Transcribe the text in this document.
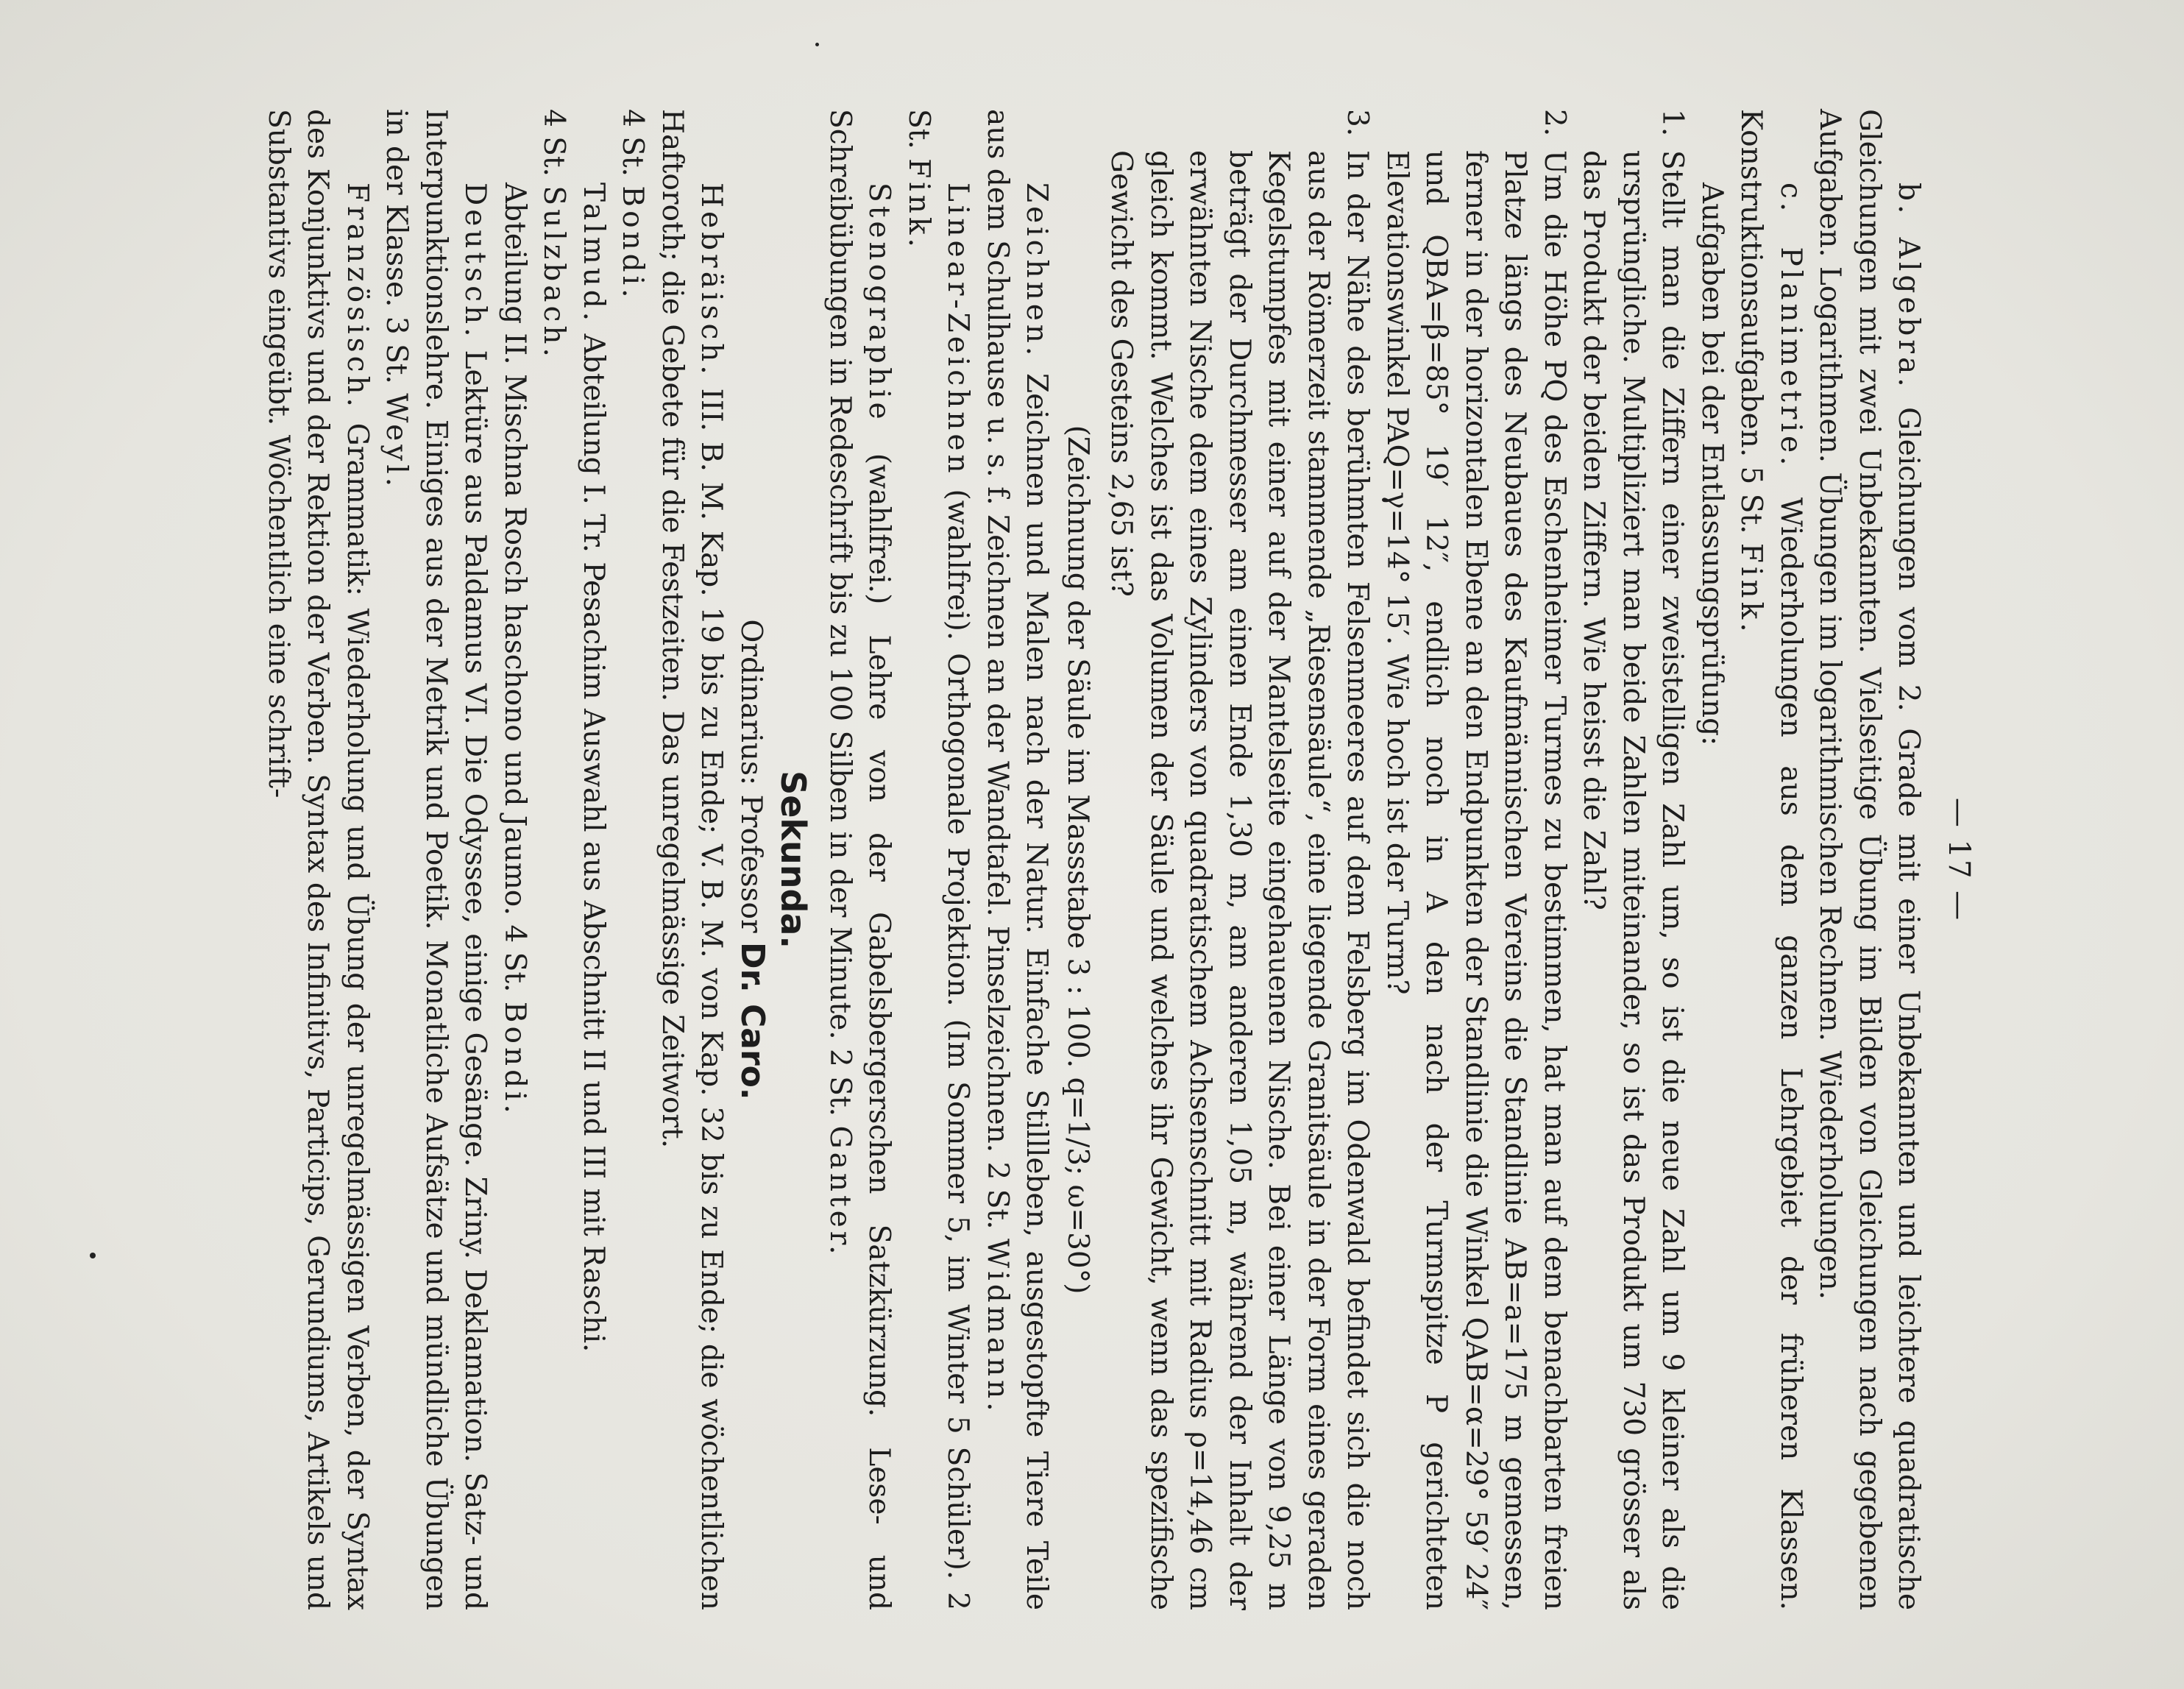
— 17 —

b. Algebra. Gleichungen vom 2. Grade mit einer Unbekannten und leichtere quadratische Gleichungen mit zwei Unbekannten. Vielseitige Übung im Bilden von Gleichungen nach gegebenen Aufgaben. Logarithmen. Übungen im logarithmischen Rechnen. Wiederholungen.

c. Planimetrie. Wiederholungen aus dem ganzen Lehrgebiet der früheren Klassen. Konstruktionsaufgaben. 5 St. Fink.

Aufgaben bei der Entlassungsprüfung:

1.
Stellt man die Ziffern einer zweistelligen Zahl um, so ist die neue Zahl um 9 kleiner als die ursprüngliche. Multipliziert man beide Zahlen miteinander, so ist das Produkt um 730 grösser als das Produkt der beiden Ziffern. Wie heisst die Zahl?
2.
Um die Höhe PQ des Eschenheimer Turmes zu bestimmen, hat man auf dem benachbarten freien Platze längs des Neubaues des Kaufmännischen Vereins die Standlinie AB=a=175 m gemessen, ferner in der horizontalen Ebene an den Endpunkten der Standlinie die Winkel QAB=α=29° 59′ 24″ und QBA=β=85° 19′ 12″, endlich noch in A den nach der Turmspitze P gerichteten Elevationswinkel PAQ=γ=14° 15′. Wie hoch ist der Turm?
3.
In der Nähe des berühmten Felsenmeeres auf dem Felsberg im Odenwald befindet sich die noch aus der Römerzeit stammende „Riesensäule“, eine liegende Granitsäule in der Form eines geraden Kegelstumpfes mit einer auf der Mantelseite eingehauenen Nische. Bei einer Länge von 9,25 m beträgt der Durchmesser am einen Ende 1,30 m, am anderen 1,05 m, während der Inhalt der erwähnten Nische dem eines Zylinders von quadratischem Achsenschnitt mit Radius ρ=14,46 cm gleich kommt. Welches ist das Volumen der Säule und welches ihr Gewicht, wenn das spezifische Gewicht des Gesteins 2,65 ist?

(Zeichnung der Säule im Massstabe 3 : 100. q=1/3; ω=30°)

Zeichnen. Zeichnen und Malen nach der Natur. Einfache Stillleben, ausgestopfte Tiere Teile aus dem Schulhause u. s. f. Zeichnen an der Wandtafel. Pinselzeichnen. 2 St. Widmann.

Linear-Zeichnen (wahlfrei). Orthogonale Projektion. (Im Sommer 5, im Winter 5 Schüler). 2 St. Fink.

Stenographie (wahlfrei.) Lehre von der Gabelsbergerschen Satzkürzung. Lese- und Schreibübungen in Redeschrift bis zu 100 Silben in der Minute. 2 St. Ganter.

Sekunda.

Ordinarius: Professor Dr. Caro.

Hebräisch. III. B. M. Kap. 19 bis zu Ende; V. B. M. von Kap. 32 bis zu Ende; die wöchentlichen Haftoroth; die Gebete für die Festzeiten. Das unregelmässige Zeitwort.

4 St. Bondi.

Talmud. Abteilung I. Tr. Pesachim Auswahl aus Abschnitt II und III mit Raschi.

4 St. Sulzbach.

Abteilung II. Mischna Rosch haschono und Jaumo. 4 St. Bondi.

Deutsch. Lektüre aus Paldamus VI. Die Odyssee, einige Gesänge. Zriny. Deklamation. Satz- und Interpunktionslehre. Einiges aus der Metrik und Poetik. Monatliche Aufsätze und mündliche Übungen in der Klasse. 3 St. Weyl.

Französisch. Grammatik: Wiederholung und Übung der unregelmässigen Verben, der Syntax des Konjunktivs und der Rektion der Verben. Syntax des Infinitivs, Particips, Gerundiums, Artikels und Substantivs eingeübt. Wöchentlich eine schrift-
